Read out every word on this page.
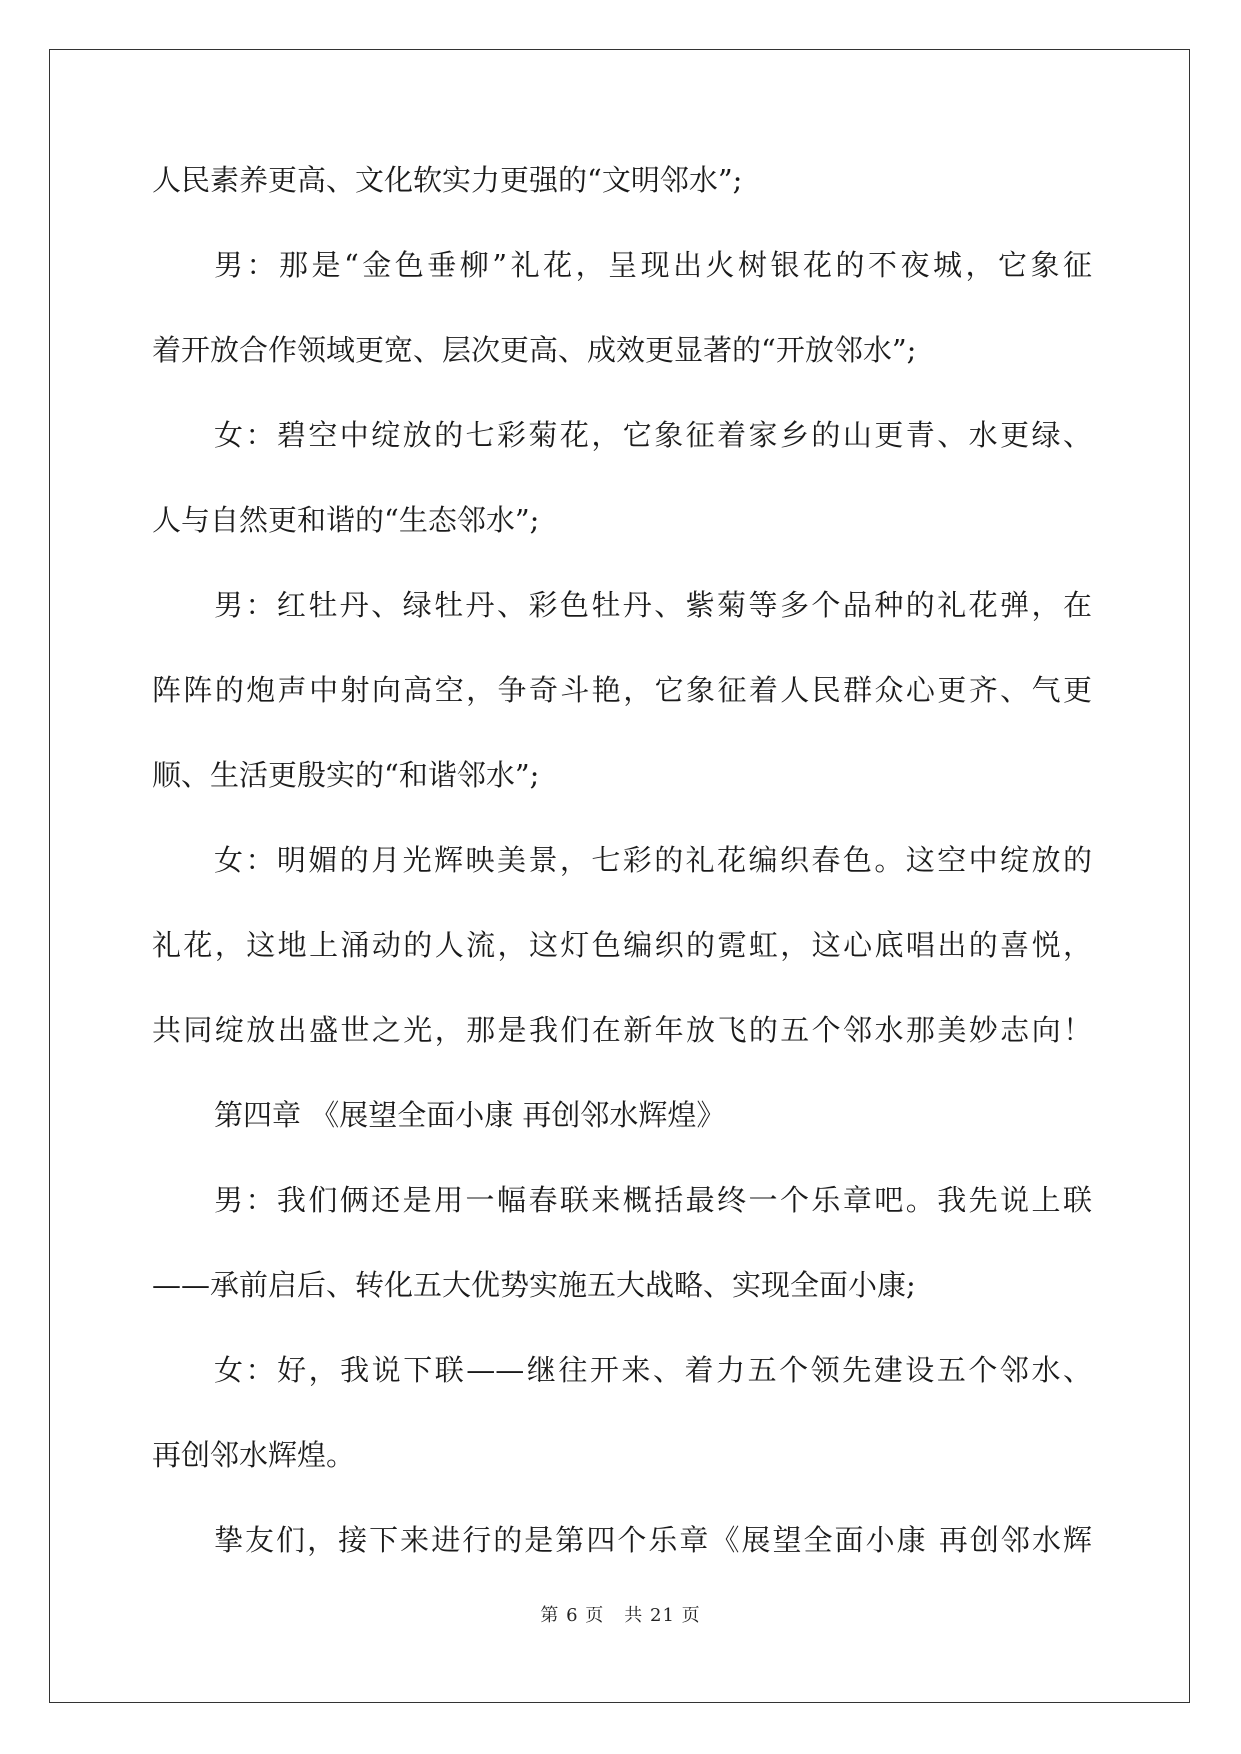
人民素养更高、文化软实力更强的“文明邻水”;
男：那是“金色垂柳”礼花，呈现出火树银花的不夜城，它象征
着开放合作领域更宽、层次更高、成效更显著的“开放邻水”;
女：碧空中绽放的七彩菊花，它象征着家乡的山更青、水更绿、
人与自然更和谐的“生态邻水”;
男：红牡丹、绿牡丹、彩色牡丹、紫菊等多个品种的礼花弹，在
阵阵的炮声中射向高空，争奇斗艳，它象征着人民群众心更齐、气更
顺、生活更殷实的“和谐邻水”;
女：明媚的月光辉映美景，七彩的礼花编织春色。这空中绽放的
礼花，这地上涌动的人流，这灯色编织的霓虹，这心底唱出的喜悦，
共同绽放出盛世之光，那是我们在新年放飞的五个邻水那美妙志向！
第四章 《展望全面小康 再创邻水辉煌》
男：我们俩还是用一幅春联来概括最终一个乐章吧。我先说上联
——承前启后、转化五大优势实施五大战略、实现全面小康;
女：好，我说下联——继往开来、着力五个领先建设五个邻水、
再创邻水辉煌。
挚友们，接下来进行的是第四个乐章《展望全面小康 再创邻水辉
第 6 页 共 21 页
